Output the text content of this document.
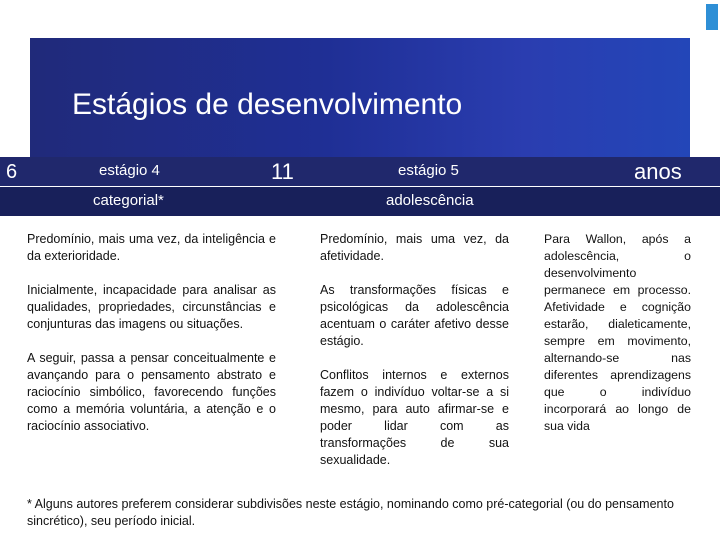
Estágios de desenvolvimento
6	estágio 4	11	estágio 5	anos
categorial*	adolescência

Predomínio, mais uma vez, da inteligência e da exterioridade.

Inicialmente, incapacidade para analisar as qualidades, propriedades, circunstâncias e conjunturas das imagens ou situações.

A seguir, passa a pensar conceitualmente e avançando para o pensamento abstrato e raciocínio simbólico, favorecendo funções como a memória voluntária, a atenção e o raciocínio associativo.

Predomínio, mais uma vez, da afetividade.

As transformações físicas e psicológicas da adolescência acentuam o caráter afetivo desse estágio.

Conflitos internos e externos fazem o indivíduo voltar-se a si mesmo, para auto afirmar-se e poder lidar com as transformações de sua sexualidade.

Para Wallon, após a adolescência, o desenvolvimento permanece em processo. Afetividade e cognição estarão, dialeticamente, sempre em movimento, alternando-se nas diferentes aprendizagens que o indivíduo incorporará ao longo de sua vida

* Alguns autores preferem considerar subdivisões neste estágio, nominando como pré-categorial (ou do pensamento sincrético), seu período inicial.
